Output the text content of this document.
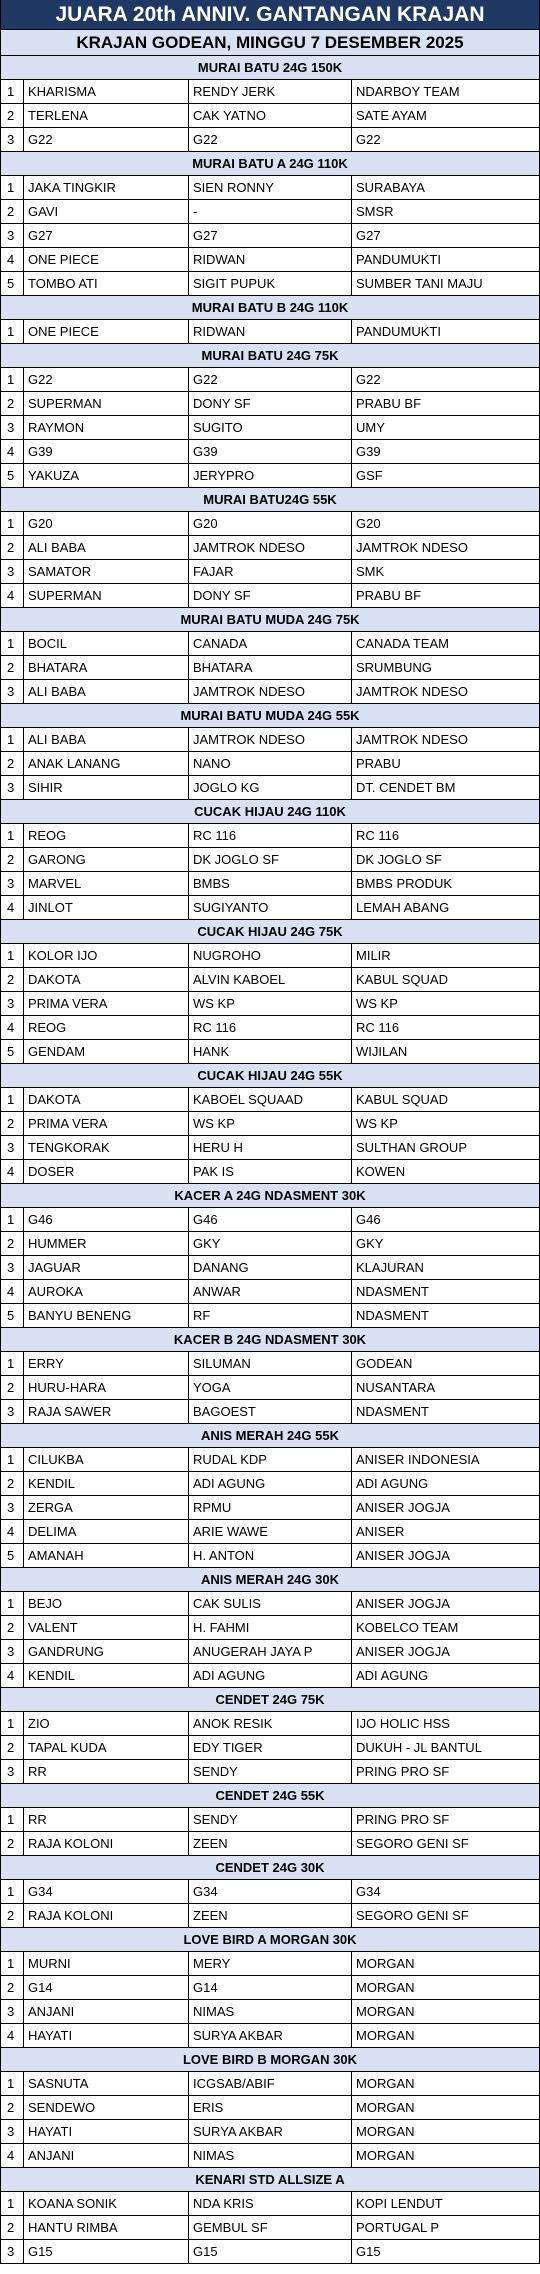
JUARA 20th ANNIV. GANTANGAN KRAJAN
KRAJAN GODEAN, MINGGU 7 DESEMBER 2025
MURAI BATU 24G 150K
1	KHARISMA	RENDY JERK	NDARBOY TEAM
2	TERLENA	CAK YATNO	SATE AYAM
3	G22	G22	G22
MURAI BATU A 24G 110K
1	JAKA TINGKIR	SIEN RONNY	SURABAYA
2	GAVI	-	SMSR
3	G27	G27	G27
4	ONE PIECE	RIDWAN	PANDUMUKTI
5	TOMBO ATI	SIGIT PUPUK	SUMBER TANI MAJU
MURAI BATU B 24G 110K
1	ONE PIECE	RIDWAN	PANDUMUKTI
MURAI BATU 24G 75K
1	G22	G22	G22
2	SUPERMAN	DONY SF	PRABU BF
3	RAYMON	SUGITO	UMY
4	G39	G39	G39
5	YAKUZA	JERYPRO	GSF
MURAI BATU24G 55K
1	G20	G20	G20
2	ALI BABA	JAMTROK NDESO	JAMTROK NDESO
3	SAMATOR	FAJAR	SMK
4	SUPERMAN	DONY SF	PRABU BF
MURAI BATU MUDA 24G 75K
1	BOCIL	CANADA	CANADA TEAM
2	BHATARA	BHATARA	SRUMBUNG
3	ALI BABA	JAMTROK NDESO	JAMTROK NDESO
MURAI BATU MUDA 24G 55K
1	ALI BABA	JAMTROK NDESO	JAMTROK NDESO
2	ANAK LANANG	NANO	PRABU
3	SIHIR	JOGLO KG	DT. CENDET BM
CUCAK HIJAU 24G 110K
1	REOG	RC 116	RC 116
2	GARONG	DK JOGLO SF	DK JOGLO SF
3	MARVEL	BMBS	BMBS PRODUK
4	JINLOT	SUGIYANTO	LEMAH ABANG
CUCAK HIJAU 24G 75K
1	KOLOR IJO	NUGROHO	MILIR
2	DAKOTA	ALVIN KABOEL	KABUL SQUAD
3	PRIMA VERA	WS KP	WS KP
4	REOG	RC 116	RC 116
5	GENDAM	HANK	WIJILAN
CUCAK HIJAU 24G 55K
1	DAKOTA	KABOEL SQUAAD	KABUL SQUAD
2	PRIMA VERA	WS KP	WS KP
3	TENGKORAK	HERU H	SULTHAN GROUP
4	DOSER	PAK IS	KOWEN
KACER A 24G NDASMENT 30K
1	G46	G46	G46
2	HUMMER	GKY	GKY
3	JAGUAR	DANANG	KLAJURAN
4	AUROKA	ANWAR	NDASMENT
5	BANYU BENENG	RF	NDASMENT
KACER B 24G NDASMENT 30K
1	ERRY	SILUMAN	GODEAN
2	HURU-HARA	YOGA	NUSANTARA
3	RAJA SAWER	BAGOEST	NDASMENT
ANIS MERAH 24G 55K
1	CILUKBA	RUDAL KDP	ANISER INDONESIA
2	KENDIL	ADI AGUNG	ADI AGUNG
3	ZERGA	RPMU	ANISER JOGJA
4	DELIMA	ARIE WAWE	ANISER
5	AMANAH	H. ANTON	ANISER JOGJA
ANIS MERAH 24G 30K
1	BEJO	CAK SULIS	ANISER JOGJA
2	VALENT	H. FAHMI	KOBELCO TEAM
3	GANDRUNG	ANUGERAH JAYA P	ANISER JOGJA
4	KENDIL	ADI AGUNG	ADI AGUNG
CENDET 24G 75K
1	ZIO	ANOK RESIK	IJO HOLIC HSS
2	TAPAL KUDA	EDY TIGER	DUKUH - JL BANTUL
3	RR	SENDY	PRING PRO SF
CENDET 24G 55K
1	RR	SENDY	PRING PRO SF
2	RAJA KOLONI	ZEEN	SEGORO GENI SF
CENDET 24G 30K
1	G34	G34	G34
2	RAJA KOLONI	ZEEN	SEGORO GENI SF
LOVE BIRD A MORGAN 30K
1	MURNI	MERY	MORGAN
2	G14	G14	MORGAN
3	ANJANI	NIMAS	MORGAN
4	HAYATI	SURYA AKBAR	MORGAN
LOVE BIRD B MORGAN 30K
1	SASNUTA	ICGSAB/ABIF	MORGAN
2	SENDEWO	ERIS	MORGAN
3	HAYATI	SURYA AKBAR	MORGAN
4	ANJANI	NIMAS	MORGAN
KENARI STD ALLSIZE A
1	KOANA SONIK	NDA KRIS	KOPI LENDUT
2	HANTU RIMBA	GEMBUL SF	PORTUGAL P
3	G15	G15	G15
